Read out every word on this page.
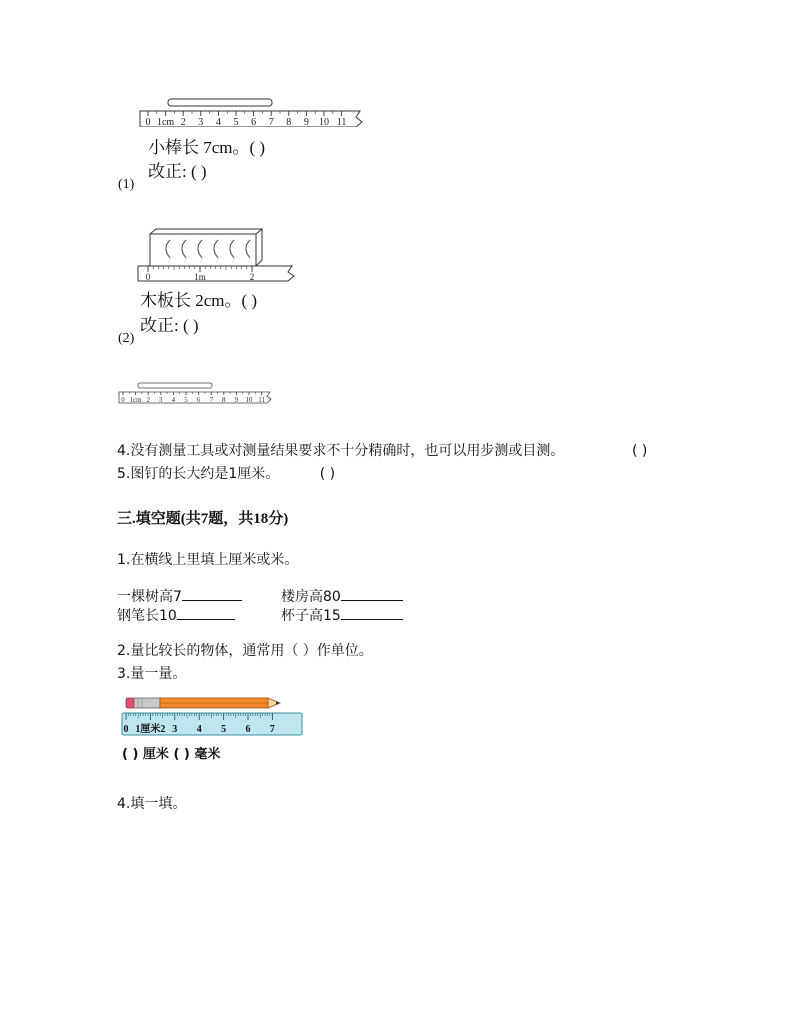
0 1cm 2 3 4 5 6 7 8 9 10 11
小棒长 7cm。( )
改正: ( )
(1)
0	1m	2
木板长 2cm。( )
改正: ( )
(2)
0 1cm 2 3 4 5 6 7 8 9 10 11
4.没有测量工具或对测量结果要求不十分精确时，也可以用步测或目测。	( )
5.图钉的长大约是1厘米。	( )
三.填空题(共7题，共18分)
1.在横线上里填上厘米或米。
一棵树高7	楼房高80
钢笔长10	杯子高15
2.量比较长的物体，通常用（ ）作单位。
3.量一量。
0 1厘米2 3 4 5 6 7
( ) 厘米 ( ) 毫米
4.填一填。
